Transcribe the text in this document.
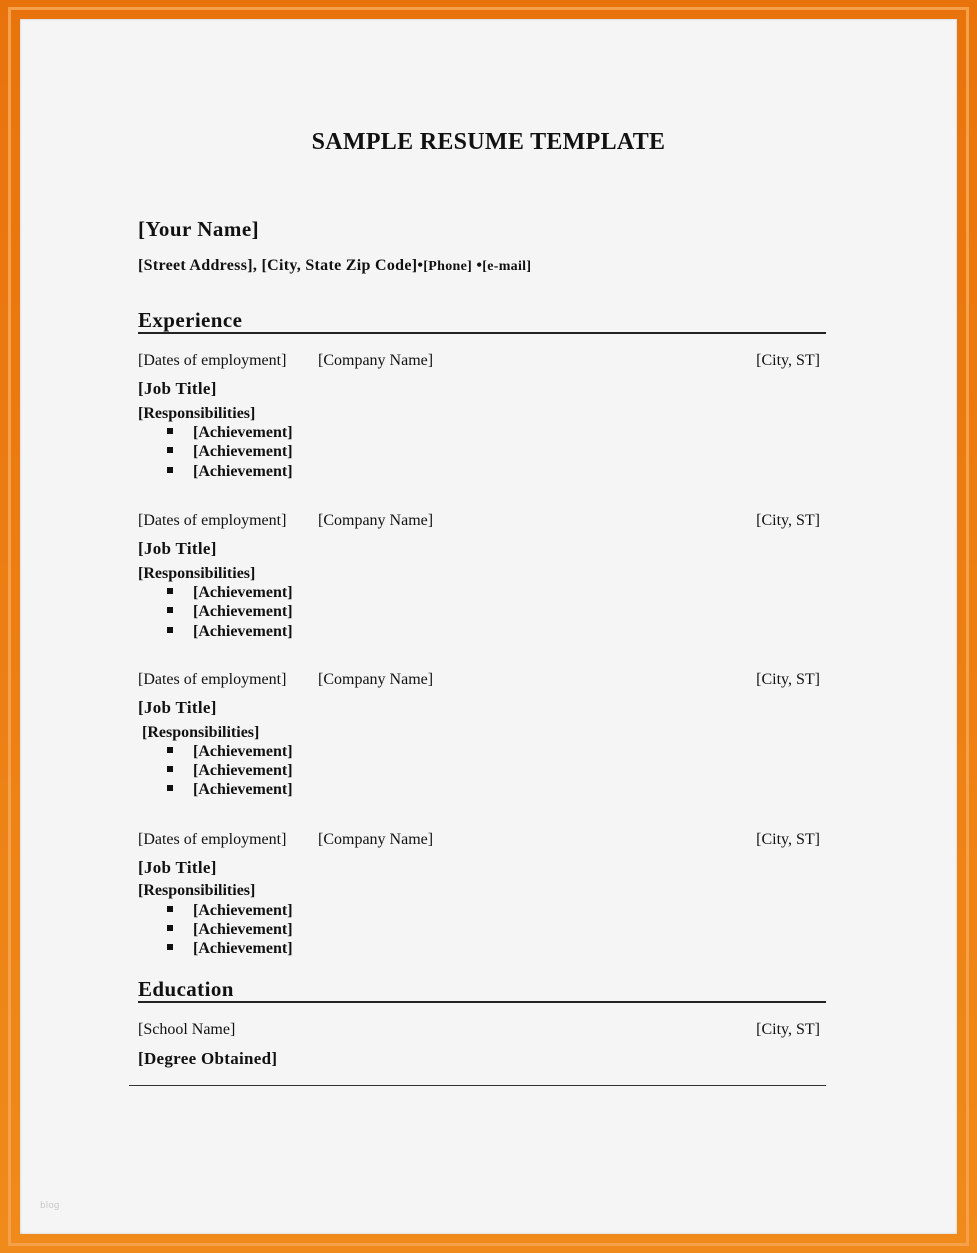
SAMPLE RESUME TEMPLATE
[Your Name]
[Street Address], [City, State Zip Code]•[Phone] •[e-mail]
Experience
[Dates of employment] [Company Name]	[City, ST]
[Job Title]
[Responsibilities]
[Achievement]
[Achievement]
[Achievement]
[Dates of employment] [Company Name]	[City, ST]
[Job Title]
[Responsibilities]
[Achievement]
[Achievement]
[Achievement]
[Dates of employment] [Company Name]	[City, ST]
[Job Title]
[Responsibilities]
[Achievement]
[Achievement]
[Achievement]
[Dates of employment] [Company Name]	[City, ST]
[Job Title]
[Responsibilities]
[Achievement]
[Achievement]
[Achievement]
Education
[School Name]	[City, ST]
[Degree Obtained]
blog
